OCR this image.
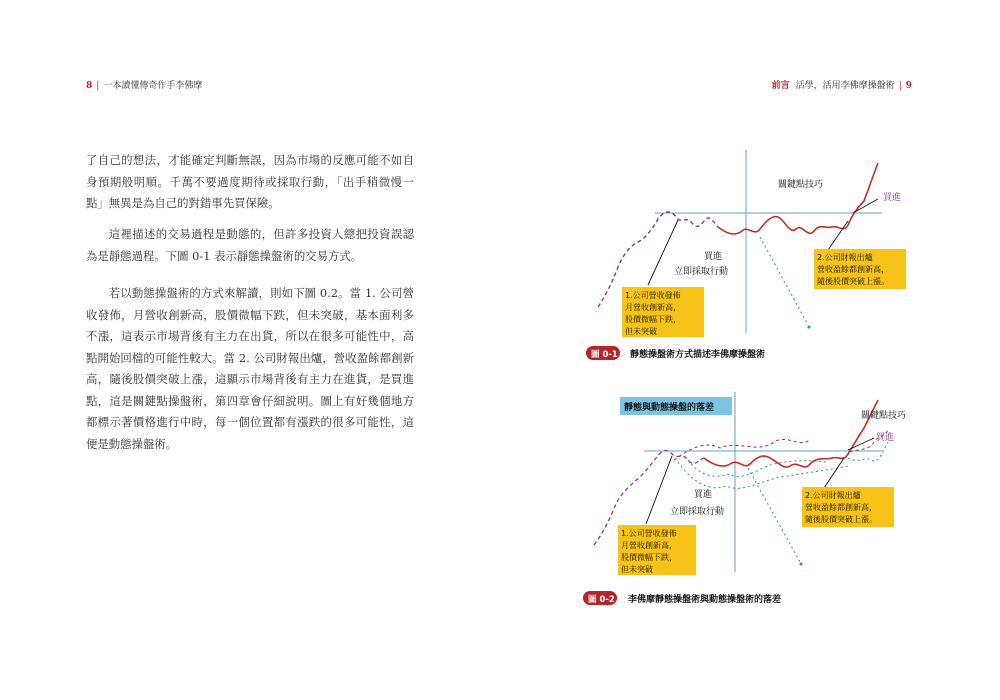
8 | 一本讀懂傳奇作手李佛摩

了自己的想法，才能確定判斷無誤，因為市場的反應可能不如自身預期般明順。千萬不要過度期待或採取行動，「出手稍微慢一點」無異是為自己的對錯事先買保險。

這裡描述的交易過程是動態的，但許多投資人總把投資誤認為是靜態過程。下圖 0-1 表示靜態操盤術的交易方式。

若以動態操盤術的方式來解讀，則如下圖 0.2。當 1. 公司營收發佈，月營收創新高，股價微幅下跌，但未突破，基本面利多不漲，這表示市場背後有主力在出貨，所以在很多可能性中，高點開始回檔的可能性較大。當 2. 公司財報出爐，營收盈餘都創新高，隨後股價突破上漲，這顯示市場背後有主力在進貨，是買進點，這是關鍵點操盤術，第四章會仔細說明。圖上有好幾個地方都標示著價格進行中時，每一個位置都有漲跌的很多可能性，這便是動態操盤術。

前言 活學，活用李佛摩操盤術 | 9
關鍵點技巧
買進
買進
立即採取行動
1.公司營收發佈
月營收創新高，
股價微幅下跌，
但未突破
2.公司財報出爐
營收盈餘都創新高，
隨後股價突破上漲。
圖 0-1 靜態操盤術方式描述李佛摩操盤術
靜態與動態操盤的落差
關鍵點技巧
買進
買進
立即採取行動
1.公司營收發佈
月營收創新高，
股價微幅下跌，
但未突破
2.公司財報出爐
營收盈餘都創新高，
隨後股價突破上漲。
圖 0-2 李佛摩靜態操盤術與動態操盤術的落差
